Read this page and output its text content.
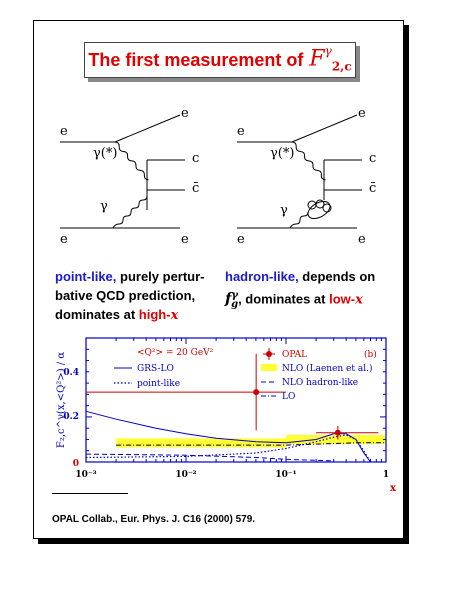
The first measurement of $F^\gamma_{2,c}$
e
e
γ(*)	c
c̄
γ
e	e
e
e
γ(*)	c
c̄
γ
e	e
point-like, purely pertur-
bative QCD prediction,
dominates at high-x
hadron-like, depends on
$f^\gamma_g$, dominates at low-x
F₂,c^γ(x,<Q²>) / α
x
0
0.2
0.4
10⁻³	10⁻²	10⁻¹	1
<Q²> = 20 GeV²
GRS-LO
point-like
OPAL	(b)
NLO (Laenen et al.)
NLO hadron-like
LO
OPAL Collab., Eur. Phys. J. C16 (2000) 579.
